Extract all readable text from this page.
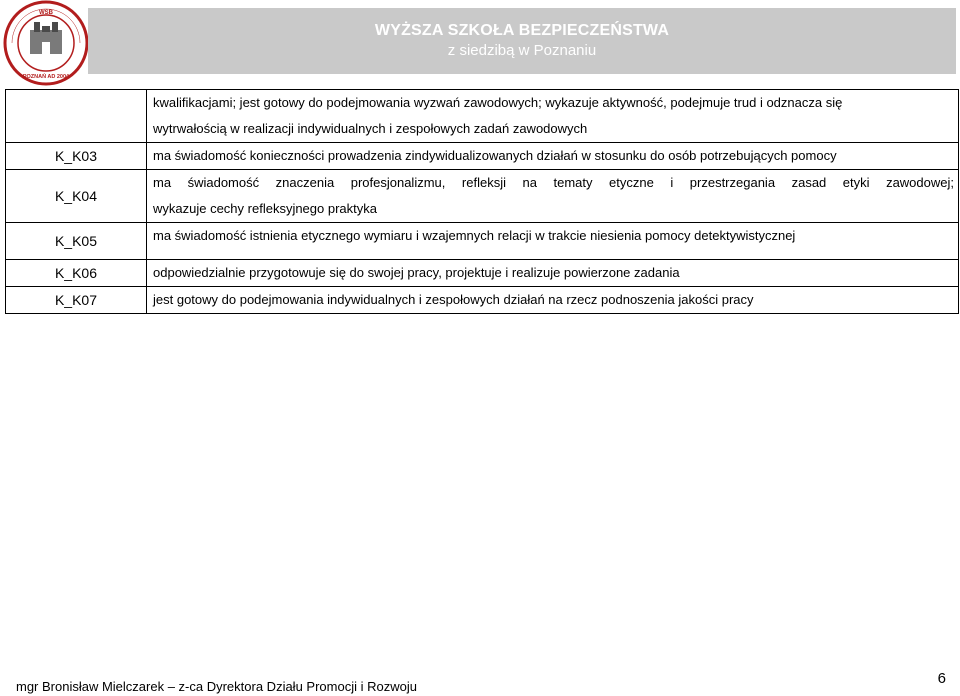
WSB
POZNAŃ AD 2004
WYŻSZA SZKOŁA BEZPIECZEŃSTWA
z siedzibą w Poznaniu

	kwalifikacjami; jest gotowy do podejmowania wyzwań zawodowych; wykazuje aktywność, podejmuje trud i odznacza się
wytrwałością w realizacji indywidualnych i zespołowych zadań zawodowych

K_K03	ma świadomość konieczności prowadzenia zindywidualizowanych działań w stosunku do osób potrzebujących pomocy

K_K04	ma świadomość znaczenia profesjonalizmu, refleksji na tematy etyczne i przestrzegania zasad etyki zawodowej;
wykazuje cechy refleksyjnego praktyka

K_K05	ma świadomość istnienia etycznego wymiaru i wzajemnych relacji w trakcie niesienia pomocy detektywistycznej

K_K06	odpowiedzialnie przygotowuje się do swojej pracy, projektuje i realizuje powierzone zadania

K_K07	jest gotowy do podejmowania indywidualnych i zespołowych działań na rzecz podnoszenia jakości pracy
mgr Bronisław Mielczarek – z-ca Dyrektora Działu Promocji i Rozwoju	6
